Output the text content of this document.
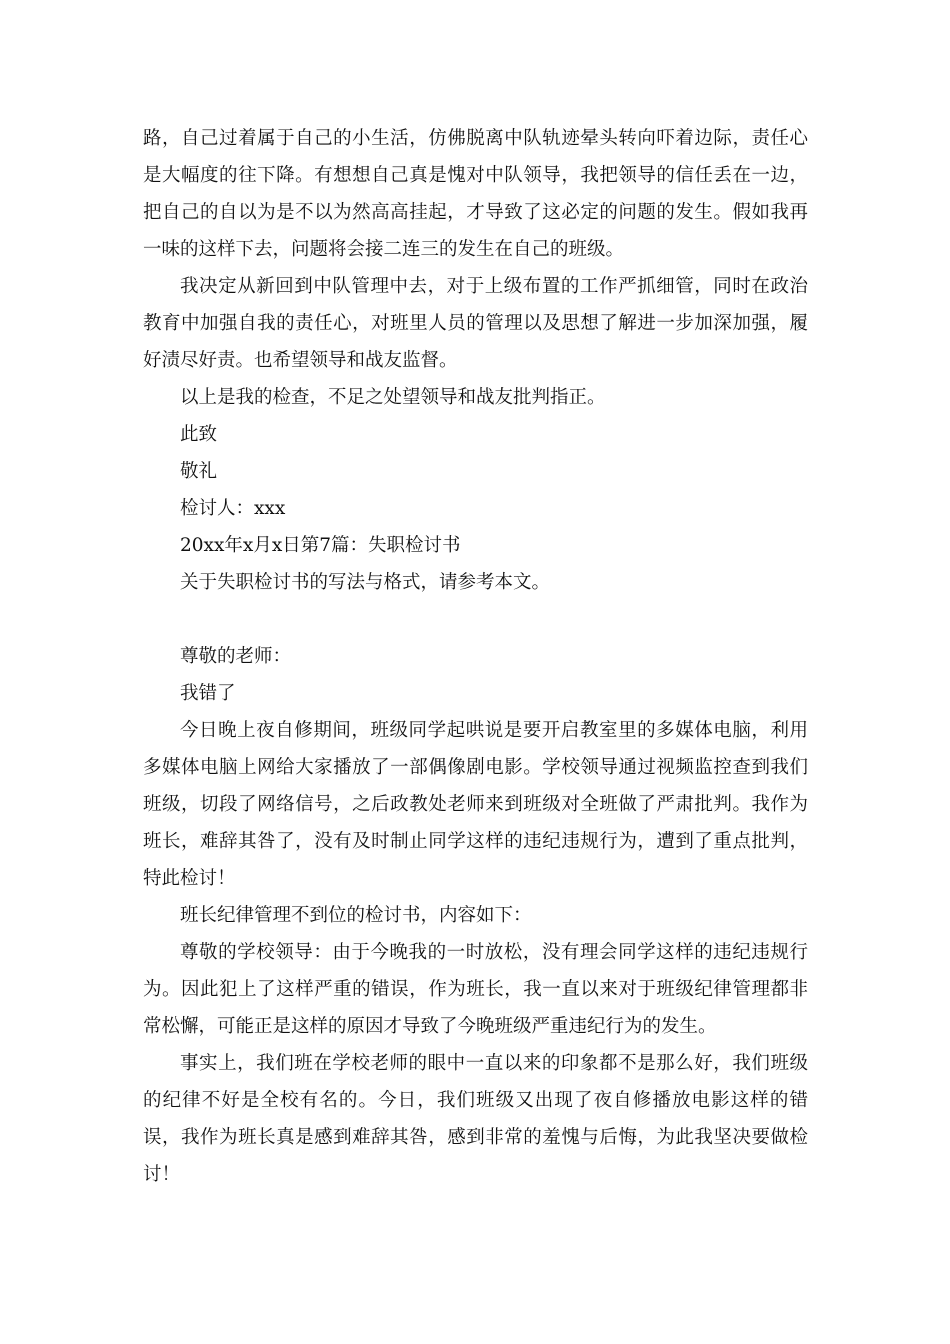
路，自己过着属于自己的小生活，仿佛脱离中队轨迹晕头转向吓着边际，责任心是大幅度的往下降。有想想自己真是愧对中队领导，我把领导的信任丢在一边，把自己的自以为是不以为然高高挂起，才导致了这必定的问题的发生。假如我再一味的这样下去，问题将会接二连三的发生在自己的班级。

我决定从新回到中队管理中去，对于上级布置的工作严抓细管，同时在政治教育中加强自我的责任心，对班里人员的管理以及思想了解进一步加深加强，履好渍尽好责。也希望领导和战友监督。

以上是我的检查，不足之处望领导和战友批判指正。

此致

敬礼

检讨人：xxx

20xx年x月x日第7篇：失职检讨书

关于失职检讨书的写法与格式，请参考本文。

尊敬的老师：

我错了

今日晚上夜自修期间，班级同学起哄说是要开启教室里的多媒体电脑，利用多媒体电脑上网给大家播放了一部偶像剧电影。学校领导通过视频监控查到我们班级，切段了网络信号，之后政教处老师来到班级对全班做了严肃批判。我作为班长，难辞其咎了，没有及时制止同学这样的违纪违规行为，遭到了重点批判，特此检讨！

班长纪律管理不到位的检讨书，内容如下：

尊敬的学校领导：由于今晚我的一时放松，没有理会同学这样的违纪违规行为。因此犯上了这样严重的错误，作为班长，我一直以来对于班级纪律管理都非常松懈，可能正是这样的原因才导致了今晚班级严重违纪行为的发生。

事实上，我们班在学校老师的眼中一直以来的印象都不是那么好，我们班级的纪律不好是全校有名的。今日，我们班级又出现了夜自修播放电影这样的错误，我作为班长真是感到难辞其咎，感到非常的羞愧与后悔，为此我坚决要做检讨！
